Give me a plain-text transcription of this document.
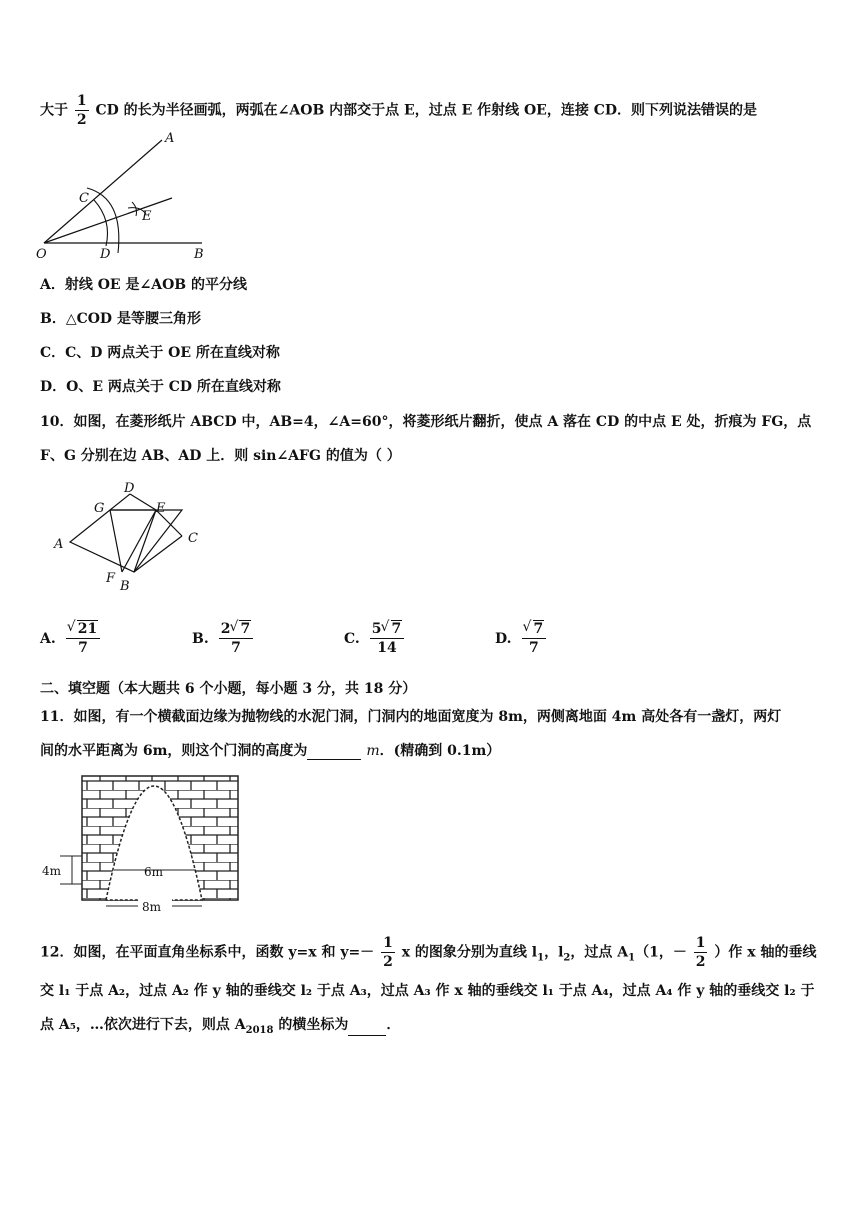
大于 $\frac{1}{2}$ CD 的长为半径画弧，两弧在∠AOB 内部交于点 E，过点 E 作射线 OE，连接 CD．则下列说法错误的是
A
C
E
O	D	B
A．射线 OE 是∠AOB 的平分线
B．△COD 是等腰三角形
C．C、D 两点关于 OE 所在直线对称
D．O、E 两点关于 CD 所在直线对称
10．如图，在菱形纸片 ABCD 中，AB=4，∠A=60°，将菱形纸片翻折，使点 A 落在 CD 的中点 E 处，折痕为 FG，点
F、G 分别在边 AB、AD 上．则 sin∠AFG 的值为（ ）
D
G	E
A	C
F
B
A. √ $\frac{21}{7}$	B. $\frac{2 √ 7}{7}$	C. $\frac{5 √ 7}{14}$	D. √ $\frac{7}{7}$
二、填空题（本大题共 6 个小题，每小题 3 分，共 18 分）
11．如图，有一个横截面边缘为抛物线的水泥门洞，门洞内的地面宽度为 8m，两侧离地面 4m 高处各有一盏灯，两灯
间的水平距离为 6m，则这个门洞的高度为	m．(精确到 0.1m）
4m	6m
8m
12．如图，在平面直角坐标系中，函数 y=x 和 $y=- \frac{1}{2}$ x 的图象分别为直线 $l_1$，$l_2$，过点 $A_1(1$，－ $\frac{1}{2}$ ）作 x 轴的垂线
交 l₁ 于点 A₂，过点 A₂ 作 y 轴的垂线交 l₂ 于点 A₃，过点 A₃ 作 x 轴的垂线交 l₁ 于点 A₄，过点 A₄ 作 y 轴的垂线交 l₂ 于
点 A₅，…依次进行下去，则点 $A_{2018}$ 的横坐标为	．
